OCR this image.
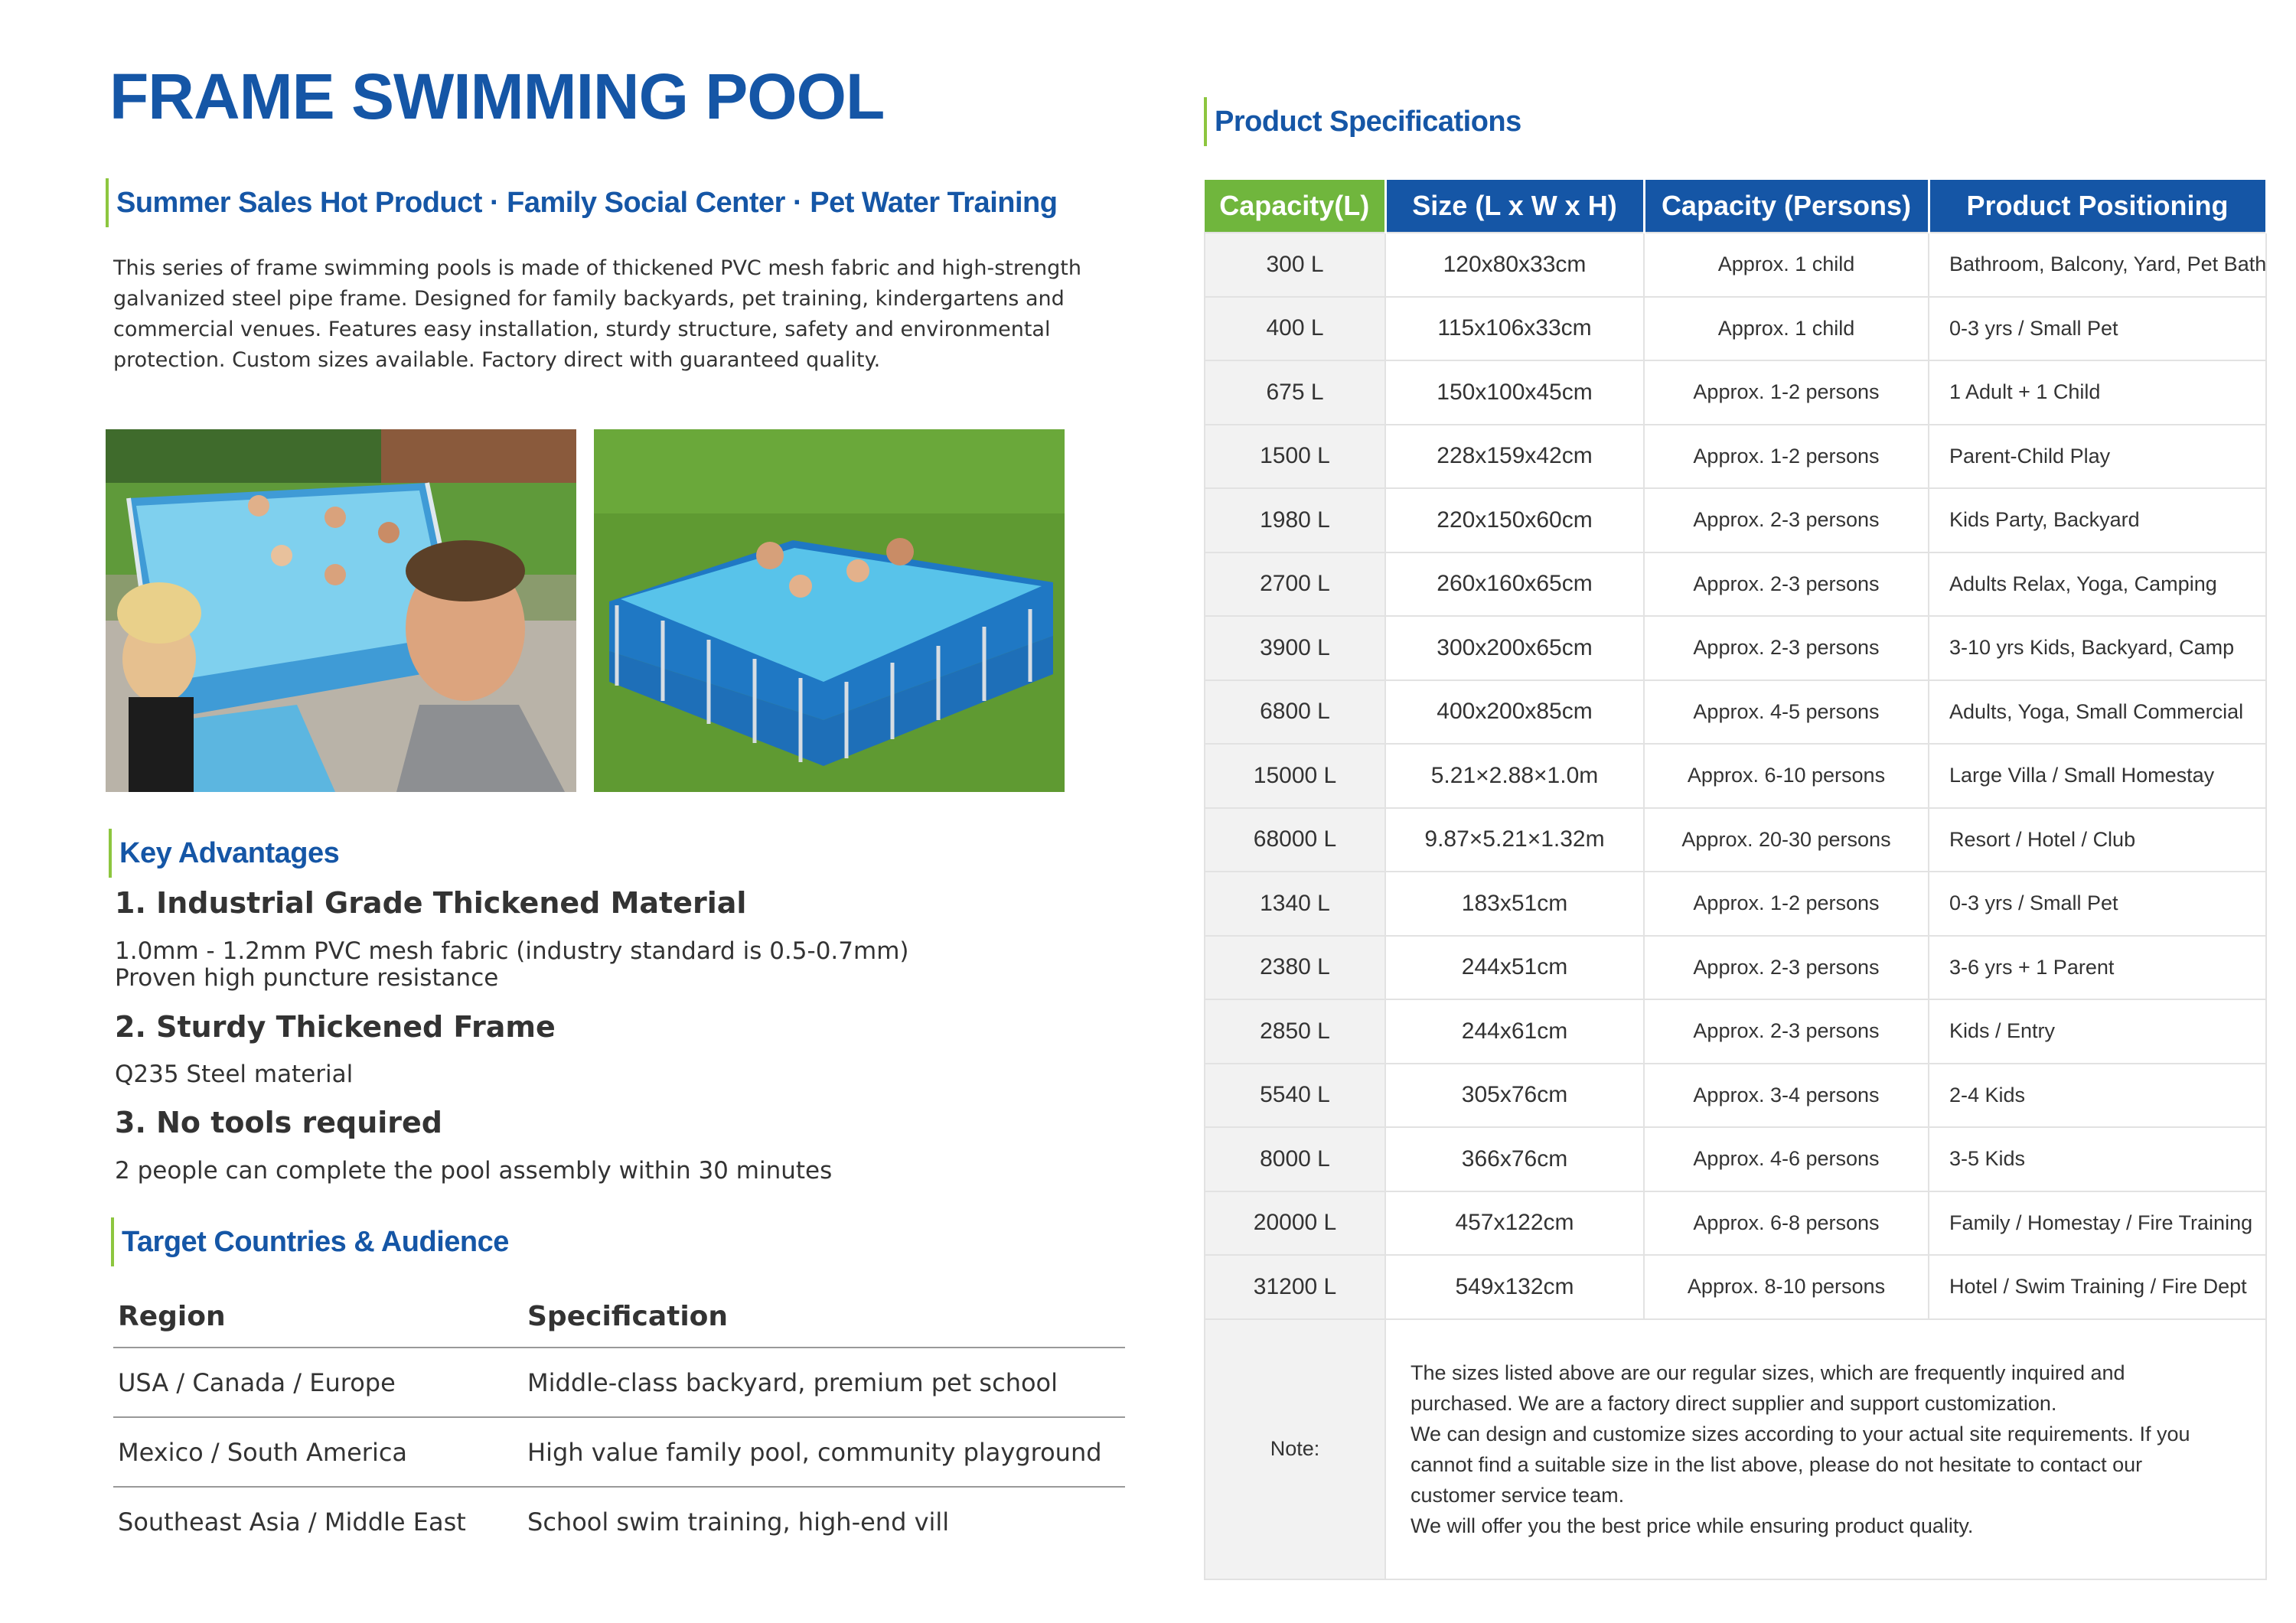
FRAME SWIMMING POOL
Summer Sales Hot Product · Family Social Center · Pet Water Training
This series of frame swimming pools is made of thickened PVC mesh fabric and high-strength galvanized steel pipe frame. Designed for family backyards, pet training, kindergartens and commercial venues. Features easy installation, sturdy structure, safety and environmental protection. Custom sizes available. Factory direct with guaranteed quality.
Key Advantages
1. Industrial Grade Thickened Material
1.0mm - 1.2mm PVC mesh fabric (industry standard is 0.5-0.7mm)
Proven high puncture resistance
2. Sturdy Thickened Frame
Q235 Steel material
3. No tools required
2 people can complete the pool assembly within 30 minutes
Target Countries & Audience
Region	Specification
USA / Canada / Europe	Middle-class backyard, premium pet school
Mexico / South America	High value family pool, community playground
Southeast Asia / Middle East	School swim training, high-end vill
Product Specifications
Capacity(L)	Size (L x W x H)	Capacity (Persons)	Product Positioning
300 L	120x80x33cm	Approx. 1 child	Bathroom, Balcony, Yard, Pet Bath
400 L	115x106x33cm	Approx. 1 child	0-3 yrs / Small Pet
675 L	150x100x45cm	Approx. 1-2 persons	1 Adult + 1 Child
1500 L	228x159x42cm	Approx. 1-2 persons	Parent-Child Play
1980 L	220x150x60cm	Approx. 2-3 persons	Kids Party, Backyard
2700 L	260x160x65cm	Approx. 2-3 persons	Adults Relax, Yoga, Camping
3900 L	300x200x65cm	Approx. 2-3 persons	3-10 yrs Kids, Backyard, Camp
6800 L	400x200x85cm	Approx. 4-5 persons	Adults, Yoga, Small Commercial
15000 L	5.21×2.88×1.0m	Approx. 6-10 persons	Large Villa / Small Homestay
68000 L	9.87×5.21×1.32m	Approx. 20-30 persons	Resort / Hotel / Club
1340 L	183x51cm	Approx. 1-2 persons	0-3 yrs / Small Pet
2380 L	244x51cm	Approx. 2-3 persons	3-6 yrs + 1 Parent
2850 L	244x61cm	Approx. 2-3 persons	Kids / Entry
5540 L	305x76cm	Approx. 3-4 persons	2-4 Kids
8000 L	366x76cm	Approx. 4-6 persons	3-5 Kids
20000 L	457x122cm	Approx. 6-8 persons	Family / Homestay / Fire Training
31200 L	549x132cm	Approx. 8-10 persons	Hotel / Swim Training / Fire Dept
Note:	The sizes listed above are our regular sizes, which are frequently inquired and purchased. We are a factory direct supplier and support customization.
We can design and customize sizes according to your actual site requirements. If you cannot find a suitable size in the list above, please do not hesitate to contact our customer service team.
We will offer you the best price while ensuring product quality.		
